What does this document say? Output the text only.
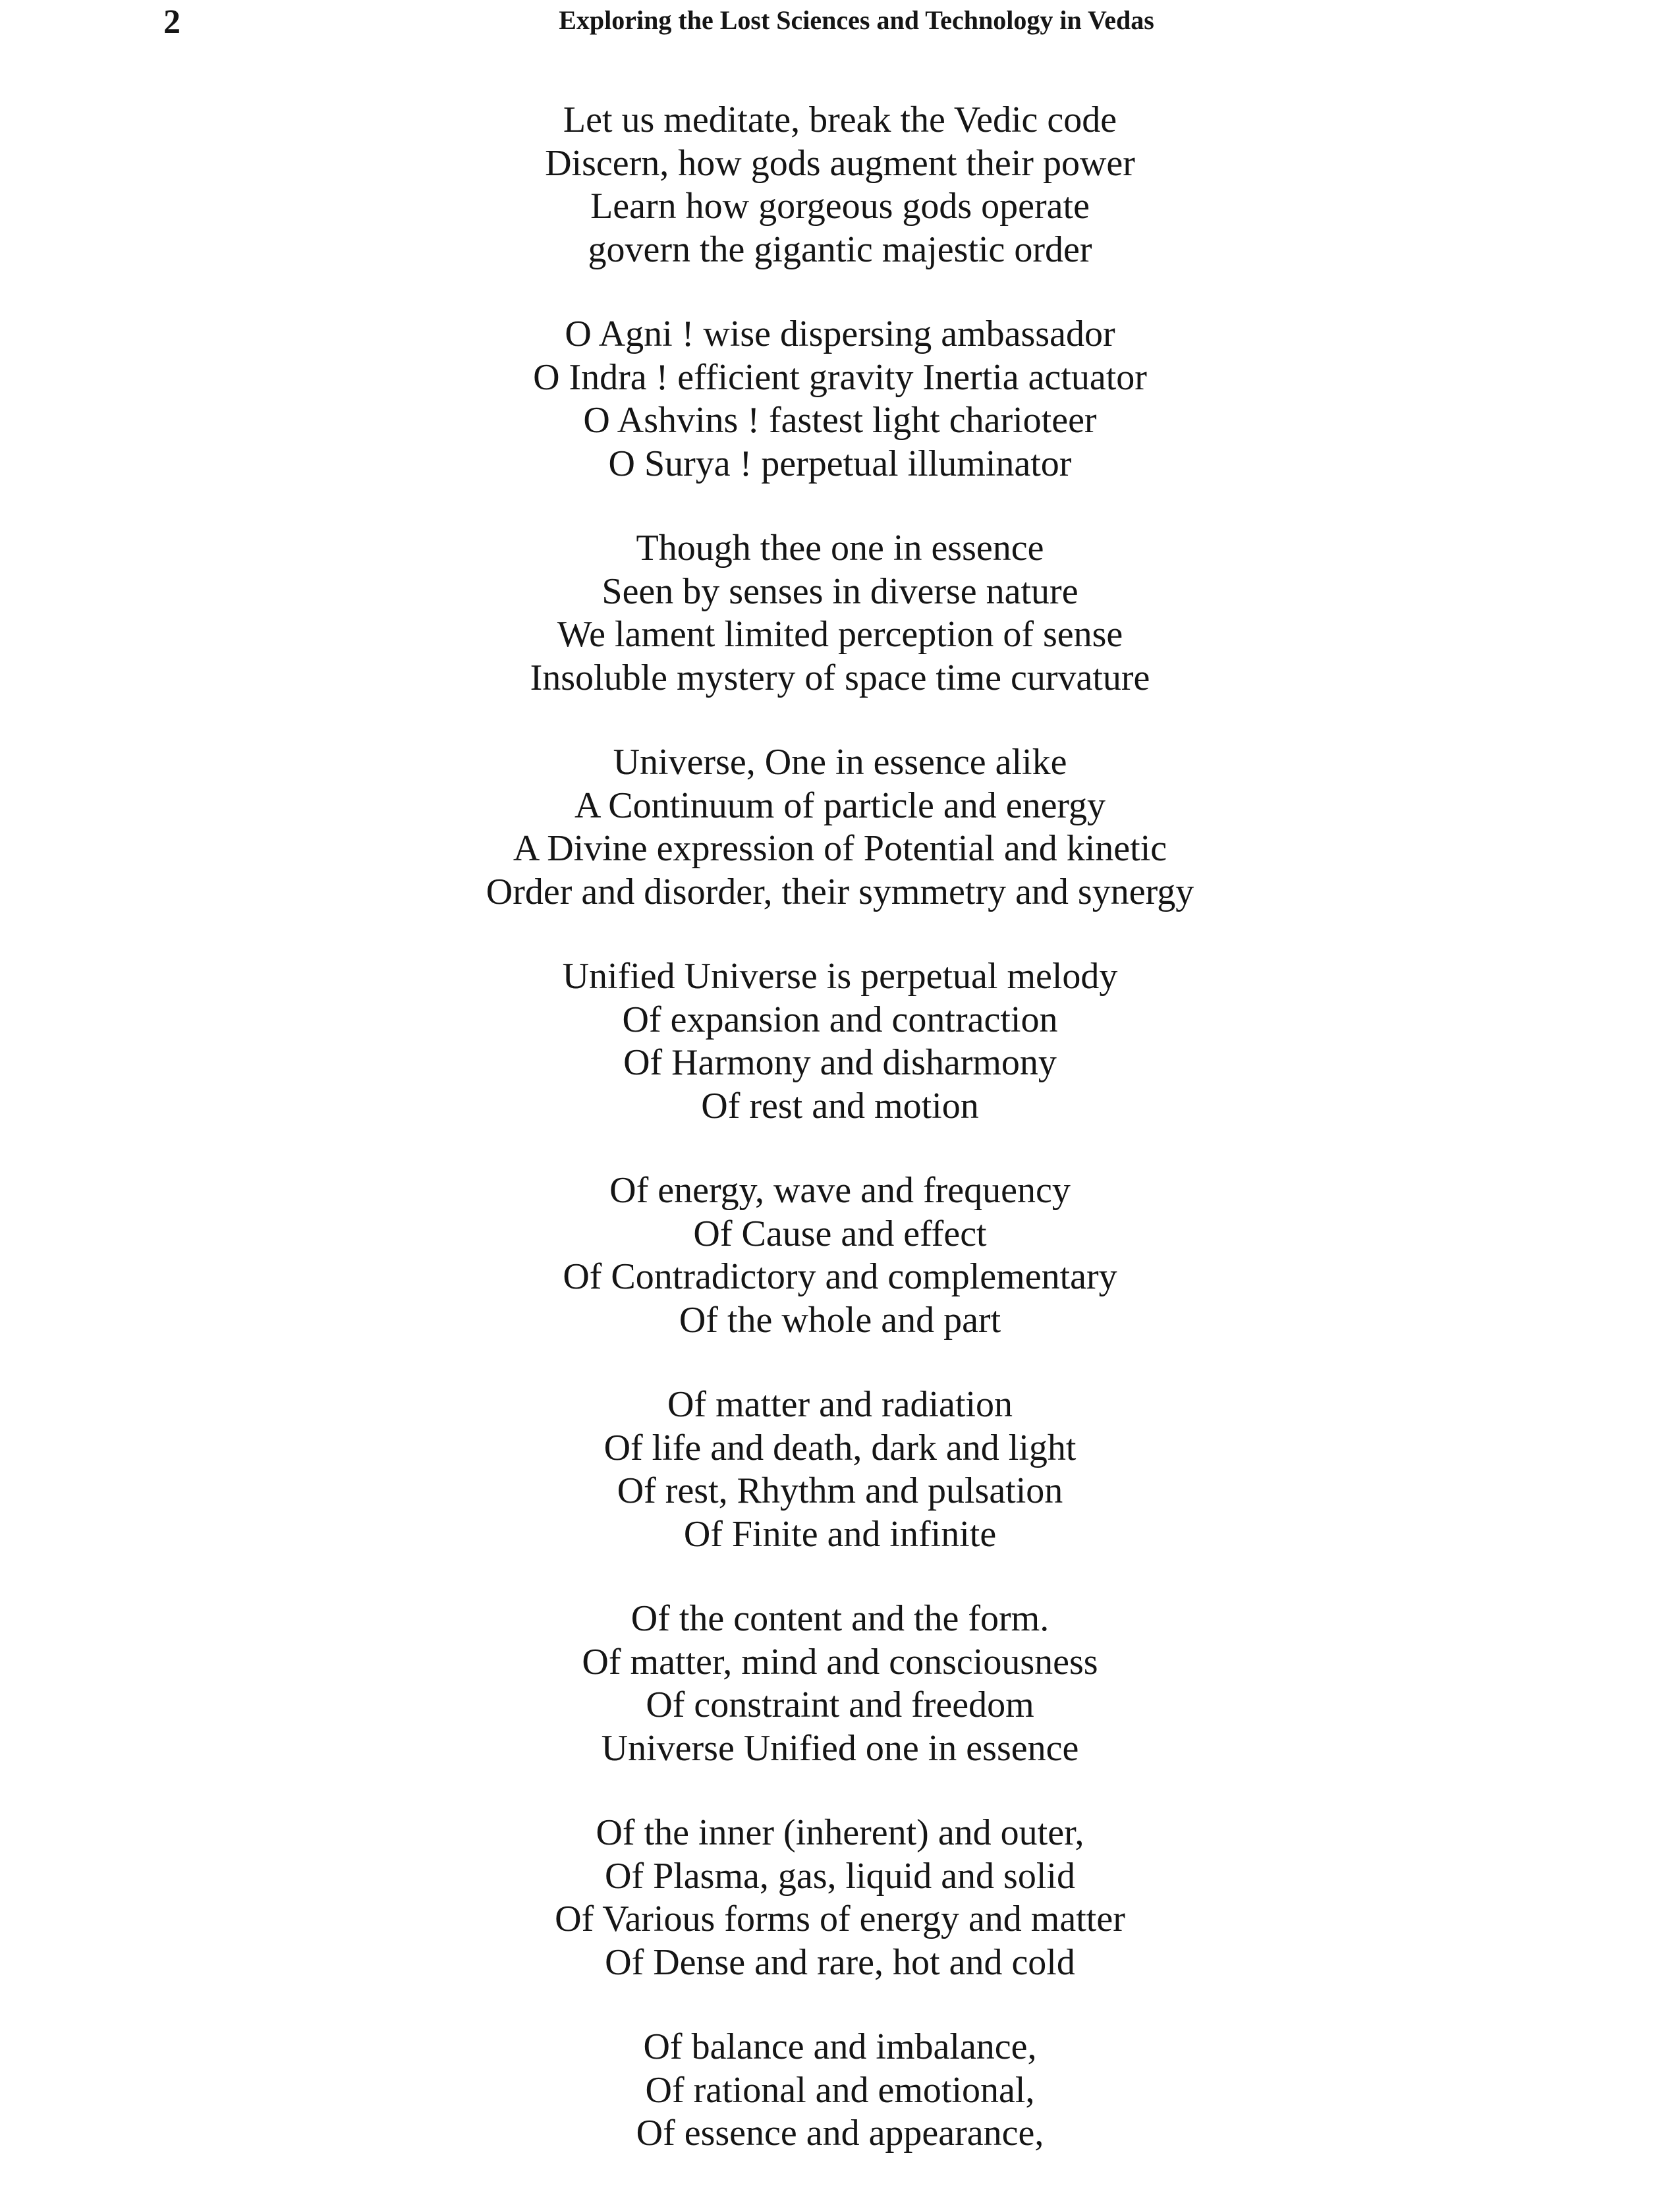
2	Exploring the Lost Sciences and Technology in Vedas
Let us meditate, break the Vedic code
Discern, how gods augment their power
Learn how gorgeous gods operate
govern the gigantic majestic order
O Agni ! wise dispersing ambassador
O Indra ! efficient gravity Inertia actuator
O Ashvins ! fastest light charioteer
O Surya ! perpetual illuminator
Though thee one in essence
Seen by senses in diverse nature
We lament limited perception of sense
Insoluble mystery of space time curvature
Universe, One in essence alike
A Continuum of particle and energy
A Divine expression of Potential and kinetic
Order and disorder, their symmetry and synergy
Unified Universe is perpetual melody
Of expansion and contraction
Of Harmony and disharmony
Of rest and motion
Of energy, wave and frequency
Of Cause and effect
Of Contradictory and complementary
Of the whole and part
Of matter and radiation
Of life and death, dark and light
Of rest, Rhythm and pulsation
Of Finite and infinite
Of the content and the form.
Of matter, mind and consciousness
Of constraint and freedom
Universe Unified one in essence
Of the inner (inherent) and outer,
Of Plasma, gas, liquid and solid
Of Various forms of energy and matter
Of Dense and rare, hot and cold
Of balance and imbalance,
Of rational and emotional,
Of essence and appearance,
